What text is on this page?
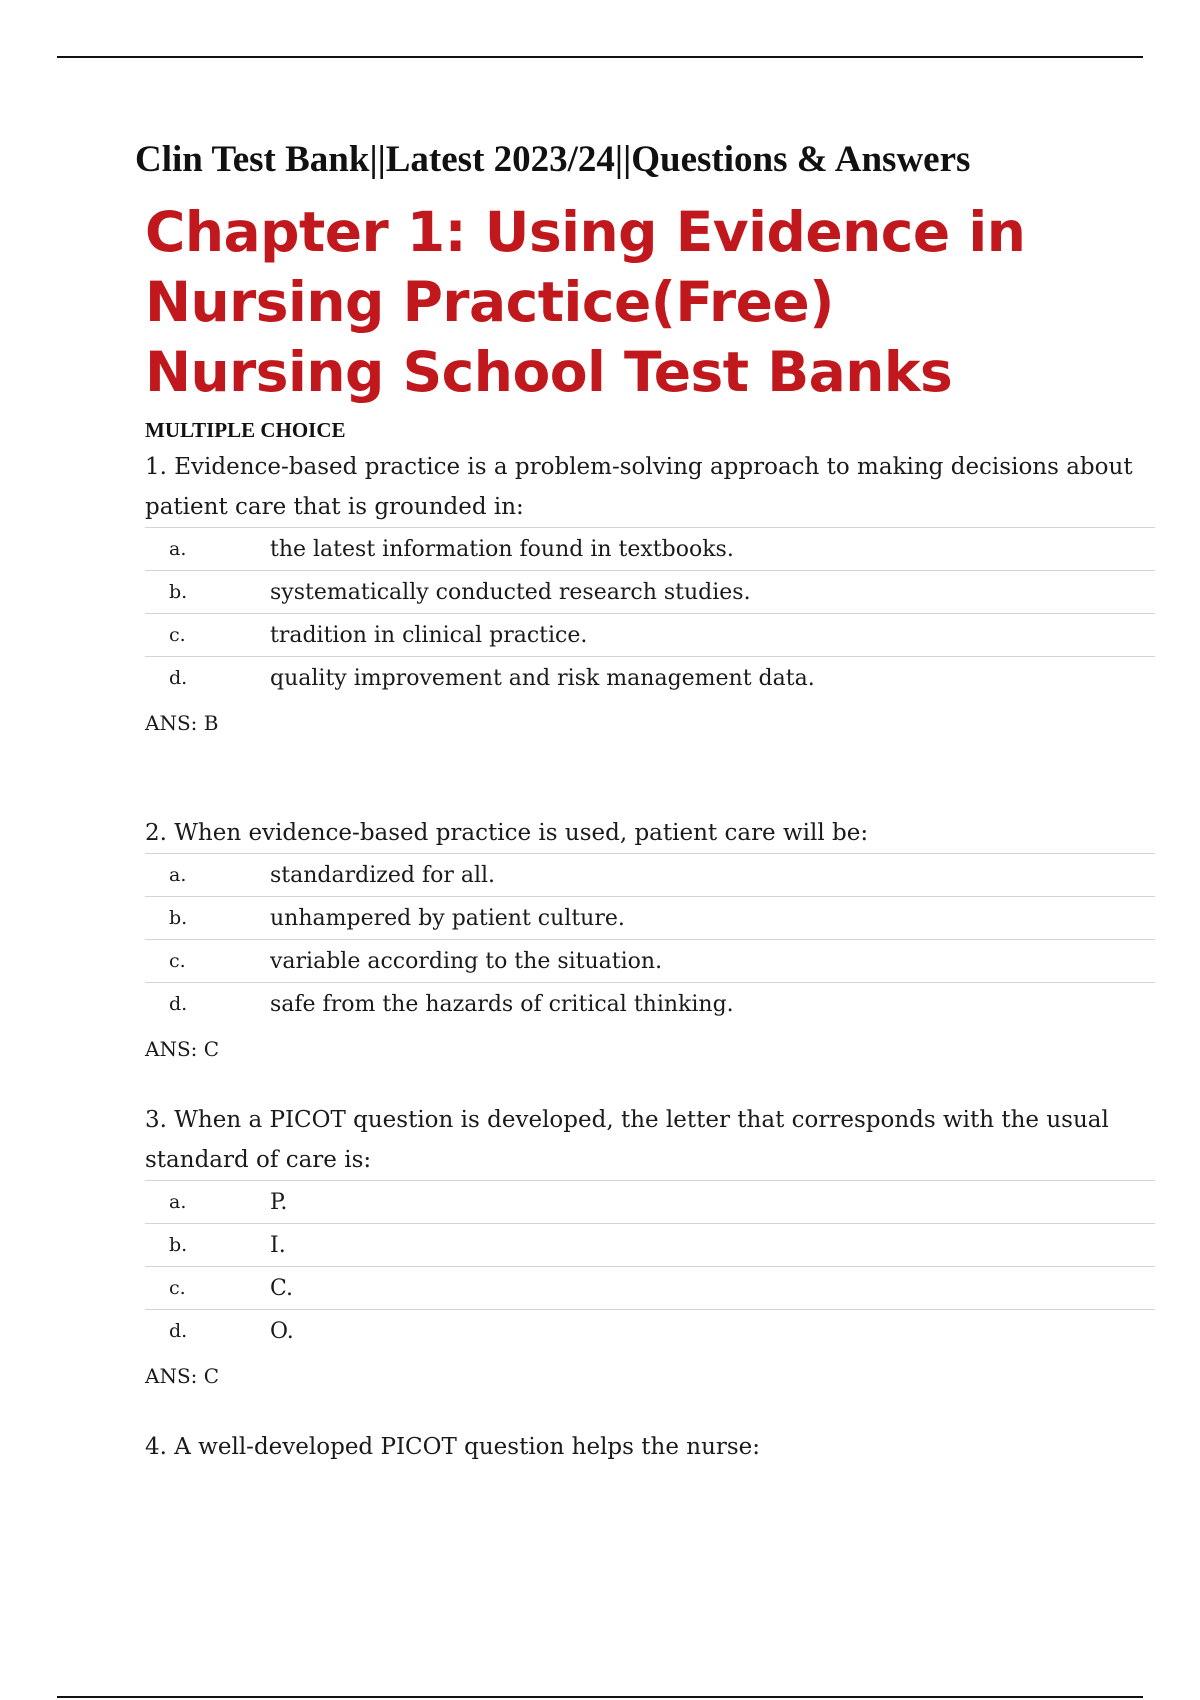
Clin Test Bank||Latest 2023/24||Questions & Answers
Chapter 1: Using Evidence in Nursing Practice(Free) Nursing School Test Banks
MULTIPLE CHOICE

1. Evidence-based practice is a problem-solving approach to making decisions about patient care that is grounded in:

a.	the latest information found in textbooks.
b.	systematically conducted research studies.
c.	tradition in clinical practice.
d.	quality improvement and risk management data.
ANS: B

2. When evidence-based practice is used, patient care will be:

a.	standardized for all.
b.	unhampered by patient culture.
c.	variable according to the situation.
d.	safe from the hazards of critical thinking.
ANS: C

3. When a PICOT question is developed, the letter that corresponds with the usual standard of care is:

a.	P.
b.	I.
c.	C.
d.	O.
ANS: C

4. A well-developed PICOT question helps the nurse:
